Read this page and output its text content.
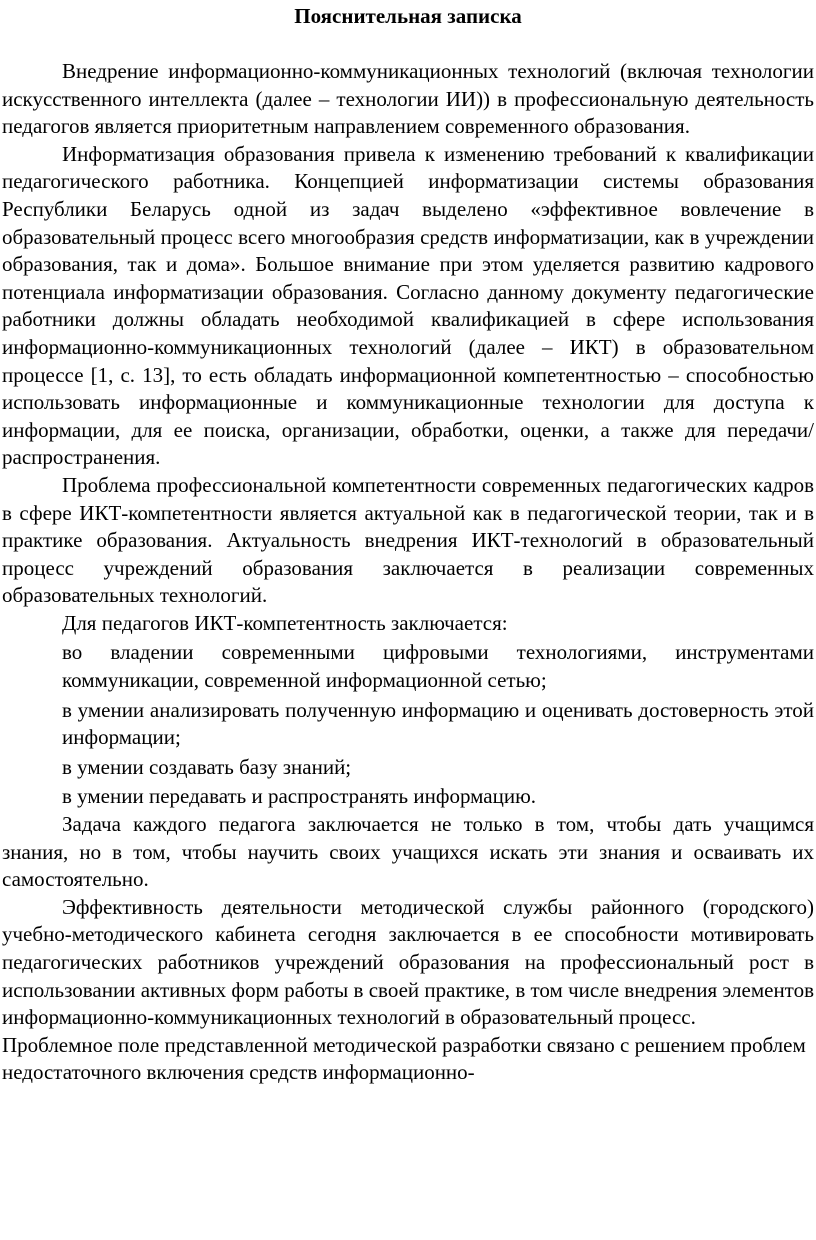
Пояснительная записка

Внедрение информационно-коммуникационных технологий (включая технологии искусственного интеллекта (далее – технологии ИИ)) в профессиональную деятельность педагогов является приоритетным направлением современного образования.

Информатизация образования привела к изменению требований к квалификации педагогического работника. Концепцией информатизации системы образования Республики Беларусь одной из задач выделено «эффективное вовлечение в образовательный процесс всего многообразия средств информатизации, как в учреждении образования, так и дома». Большое внимание при этом уделяется развитию кадрового потенциала информатизации образования. Согласно данному документу педагогические работники должны обладать необходимой квалификацией в сфере использования информационно-коммуникационных технологий (далее – ИКТ) в образовательном процессе [1, с. 13], то есть обладать информационной компетентностью – способностью использовать информационные и коммуникационные технологии для доступа к информации, для ее поиска, организации, обработки, оценки, а также для передачи/распространения.

Проблема профессиональной компетентности современных педагогических кадров в сфере ИКТ-компетентности является актуальной как в педагогической теории, так и в практике образования. Актуальность внедрения ИКТ-технологий в образовательный процесс учреждений образования заключается в реализации современных образовательных технологий.

Для педагогов ИКТ-компетентность заключается:

во владении современными цифровыми технологиями, инструментами коммуникации, современной информационной сетью;

в умении анализировать полученную информацию и оценивать достоверность этой информации;

в умении создавать базу знаний;

в умении передавать и распространять информацию.

Задача каждого педагога заключается не только в том, чтобы дать учащимся знания, но в том, чтобы научить своих учащихся искать эти знания и осваивать их самостоятельно.

Эффективность деятельности методической службы районного (городского) учебно-методического кабинета сегодня заключается в ее способности мотивировать педагогических работников учреждений образования на профессиональный рост в использовании активных форм работы в своей практике, в том числе внедрения элементов информационно-коммуникационных технологий в образовательный процесс.

Проблемное поле представленной методической разработки связано с решением проблем недостаточного включения средств информационно-
